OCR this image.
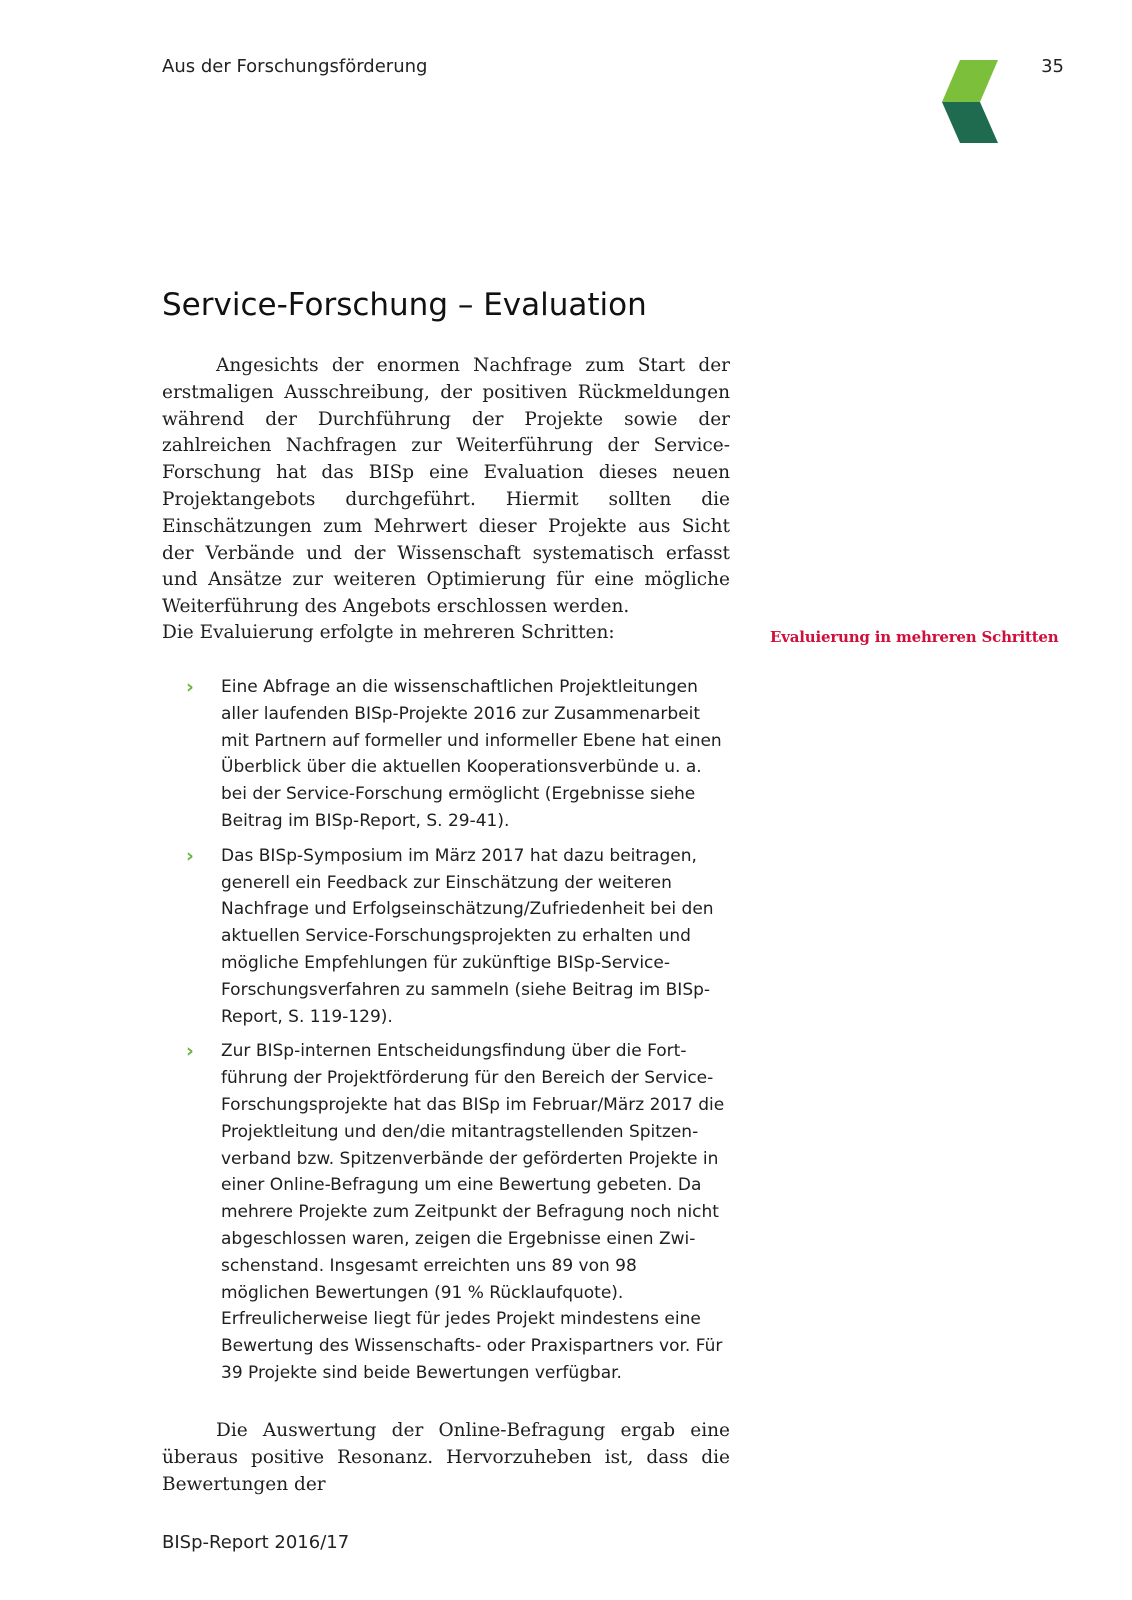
Aus der Forschungsförderung	35
Service-Forschung – Evaluation

Angesichts der enormen Nachfrage zum Start der erstmaligen Ausschreibung, der positiven Rückmeldungen während der Durchführung der Projekte sowie der zahlreichen Nachfragen zur Weiterführung der Service-Forschung hat das BISp eine Evaluation dieses neuen Projektangebots durchgeführt. Hiermit sollten die Einschätzungen zum Mehrwert dieser Projekte aus Sicht der Verbände und der Wissenschaft systematisch erfasst und Ansätze zur weiteren Optimierung für eine mögliche Weiterführung des Angebots erschlossen werden.

Die Evaluierung erfolgte in mehreren Schritten:	Evaluierung in mehreren Schritten
›	Eine Abfrage an die wissenschaftlichen Projektleitungen aller laufenden BISp-Projekte 2016 zur Zusammenarbeit mit Partnern auf formeller und informeller Ebene hat einen Überblick über die aktuellen Kooperationsverbünde u. a. bei der Service-Forschung ermöglicht (Ergebnisse siehe Beitrag im BISp-Report, S. 29-41).
›	Das BISp-Symposium im März 2017 hat dazu beitragen, generell ein Feedback zur Einschätzung der weiteren Nachfrage und Erfolgseinschätzung/Zufriedenheit bei den aktuellen Service-Forschungsprojekten zu erhalten und mögliche Empfehlungen für zukünftige BISp-Service-Forschungsverfahren zu sammeln (siehe Beitrag im BISp-Report, S. 119-129).
›	Zur BISp-internen Entscheidungsfindung über die Fortführung der Projektförderung für den Bereich der Service-Forschungsprojekte hat das BISp im Februar/März 2017 die Projektleitung und den/die mitantragstellenden Spitzenverband bzw. Spitzenverbände der geförderten Projekte in einer Online-Befragung um eine Bewertung gebeten. Da mehrere Projekte zum Zeitpunkt der Befragung noch nicht abgeschlossen waren, zeigen die Ergebnisse einen Zwischenstand. Insgesamt erreichten uns 89 von 98 möglichen Bewertungen (91 % Rücklaufquote). Erfreulicherweise liegt für jedes Projekt mindestens eine Bewertung des Wissenschafts- oder Praxispartners vor. Für 39 Projekte sind beide Bewertungen verfügbar.

Die Auswertung der Online-Befragung ergab eine überaus positive Resonanz. Hervorzuheben ist, dass die Bewertungen der

BISp-Report 2016/17
